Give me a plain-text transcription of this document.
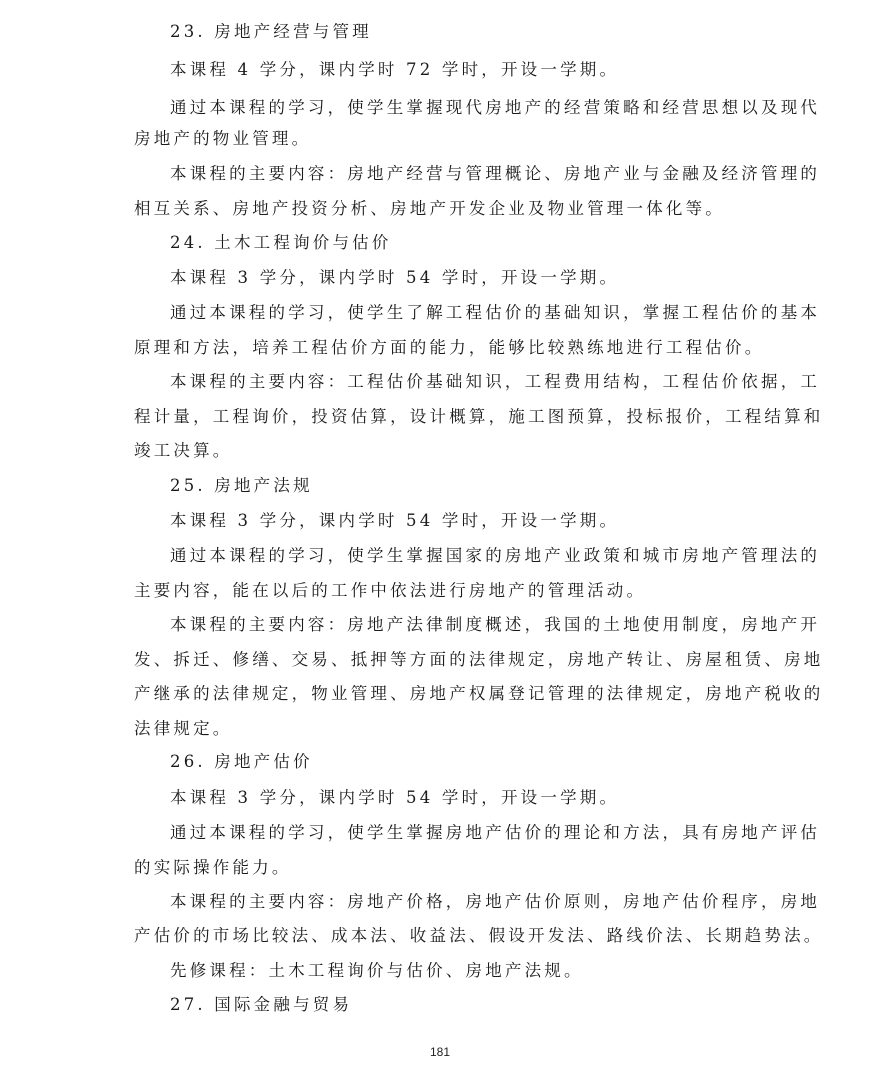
23. 房地产经营与管理
本课程 4 学分，课内学时 72 学时，开设一学期。
通过本课程的学习，使学生掌握现代房地产的经营策略和经营思想以及现代
房地产的物业管理。
本课程的主要内容：房地产经营与管理概论、房地产业与金融及经济管理的
相互关系、房地产投资分析、房地产开发企业及物业管理一体化等。
24. 土木工程询价与估价
本课程 3 学分，课内学时 54 学时，开设一学期。
通过本课程的学习，使学生了解工程估价的基础知识，掌握工程估价的基本
原理和方法，培养工程估价方面的能力，能够比较熟练地进行工程估价。
本课程的主要内容：工程估价基础知识，工程费用结构，工程估价依据，工
程计量，工程询价，投资估算，设计概算，施工图预算，投标报价，工程结算和
竣工决算。
25. 房地产法规
本课程 3 学分，课内学时 54 学时，开设一学期。
通过本课程的学习，使学生掌握国家的房地产业政策和城市房地产管理法的
主要内容，能在以后的工作中依法进行房地产的管理活动。
本课程的主要内容：房地产法律制度概述，我国的土地使用制度，房地产开
发、拆迁、修缮、交易、抵押等方面的法律规定，房地产转让、房屋租赁、房地
产继承的法律规定，物业管理、房地产权属登记管理的法律规定，房地产税收的
法律规定。
26. 房地产估价
本课程 3 学分，课内学时 54 学时，开设一学期。
通过本课程的学习，使学生掌握房地产估价的理论和方法，具有房地产评估
的实际操作能力。
本课程的主要内容：房地产价格，房地产估价原则，房地产估价程序，房地
产估价的市场比较法、成本法、收益法、假设开发法、路线价法、长期趋势法。
先修课程：土木工程询价与估价、房地产法规。
27. 国际金融与贸易
181
